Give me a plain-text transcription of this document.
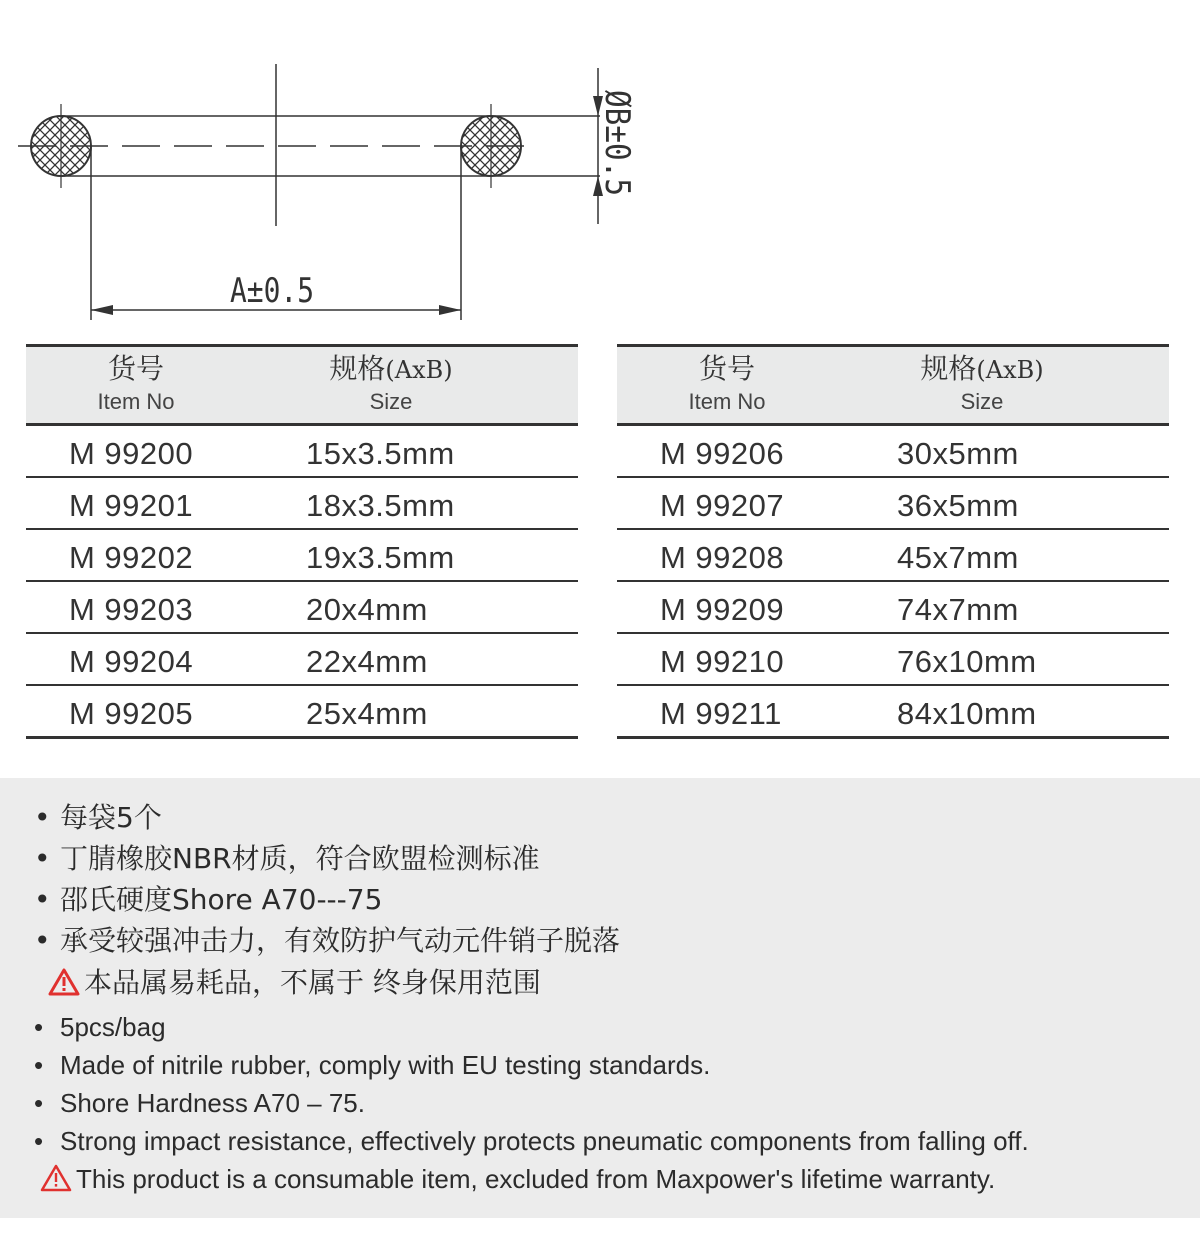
A±0.5
ØB±0.5
货号
Item No
规格(AxB)
Size
M 99200	15x3.5mm
M 99201	18x3.5mm
M 99202	19x3.5mm
M 99203	20x4mm
M 99204	22x4mm
M 99205	25x4mm
货号
Item No
规格(AxB)
Size
M 99206	30x5mm
M 99207	36x5mm
M 99208	45x7mm
M 99209	74x7mm
M 99210	76x10mm
M 99211	84x10mm
• 每袋5个
• 丁腈橡胶NBR材质，符合欧盟检测标准
• 邵氏硬度Shore A70---75
• 承受较强冲击力，有效防护气动元件销子脱落
本品属易耗品，不属于 终身保用范围
• 5pcs/bag
• Made of nitrile rubber, comply with EU testing standards.
• Shore Hardness A70 – 75.
• Strong impact resistance, effectively protects pneumatic components from falling off.
This product is a consumable item, excluded from Maxpower's lifetime warranty.
